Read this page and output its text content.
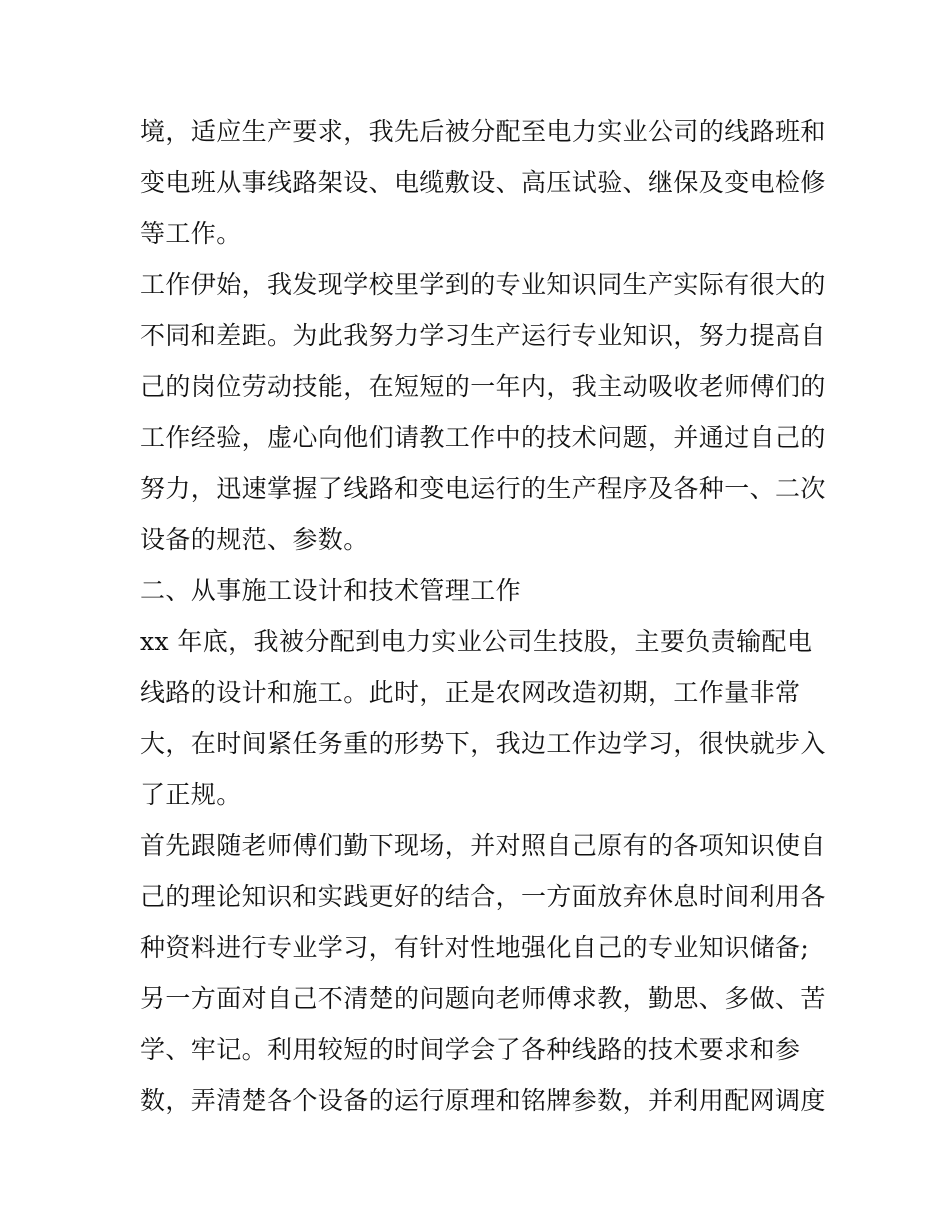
境，适应生产要求，我先后被分配至电力实业公司的线路班和
变电班从事线路架设、电缆敷设、高压试验、继保及变电检修
等工作。
工作伊始，我发现学校里学到的专业知识同生产实际有很大的
不同和差距。为此我努力学习生产运行专业知识，努力提高自
己的岗位劳动技能，在短短的一年内，我主动吸收老师傅们的
工作经验，虚心向他们请教工作中的技术问题，并通过自己的
努力，迅速掌握了线路和变电运行的生产程序及各种一、二次
设备的规范、参数。
二、从事施工设计和技术管理工作
xx 年底，我被分配到电力实业公司生技股，主要负责输配电
线路的设计和施工。此时，正是农网改造初期，工作量非常
大，在时间紧任务重的形势下，我边工作边学习，很快就步入
了正规。
首先跟随老师傅们勤下现场，并对照自己原有的各项知识使自
己的理论知识和实践更好的结合，一方面放弃休息时间利用各
种资料进行专业学习，有针对性地强化自己的专业知识储备;
另一方面对自己不清楚的问题向老师傅求教，勤思、多做、苦
学、牢记。利用较短的时间学会了各种线路的技术要求和参
数，弄清楚各个设备的运行原理和铭牌参数，并利用配网调度
